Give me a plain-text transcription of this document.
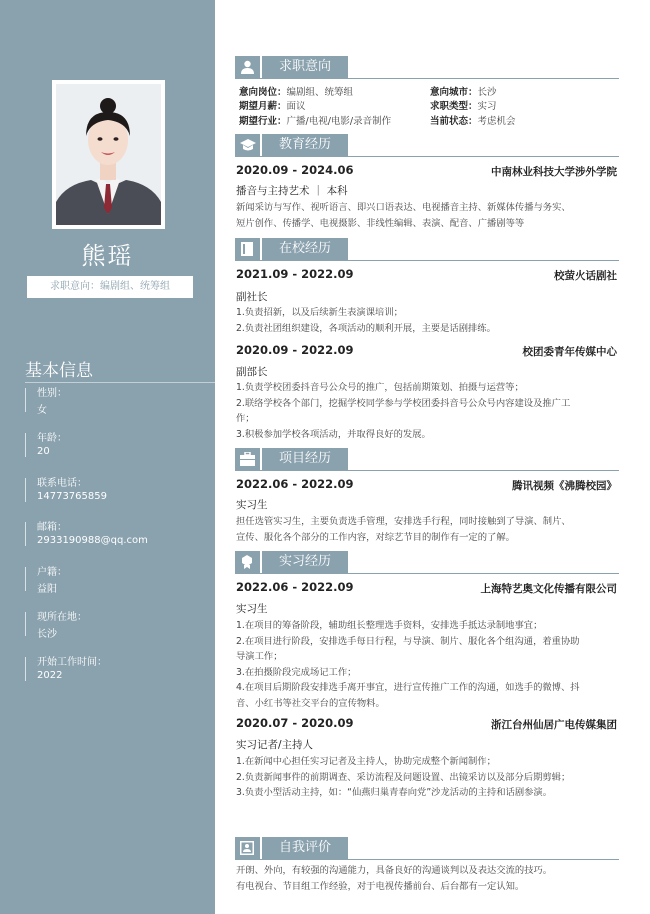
熊瑶
求职意向：编剧组、统筹组
基本信息
性别：
女
年龄：
20
联系电话：
14773765859
邮箱：
2933190988@qq.com
户籍：
益阳
现所在地：
长沙
开始工作时间：
2022
求职意向
意向岗位：编剧组、统筹组	意向城市：长沙
期望月薪：面议	求职类型：实习
期望行业：广播/电视/电影/录音制作	当前状态：考虑机会
教育经历
2020.09 - 2024.06	中南林业科技大学涉外学院
播音与主持艺术 ｜ 本科
新闻采访与写作、视听语言、即兴口语表达、电视播音主持、新媒体传播与务实、
短片创作、传播学、电视摄影、非线性编辑、表演、配音、广播剧等等
在校经历
2021.09 - 2022.09	校萤火话剧社
副社长
1.负责招新，以及后续新生表演课培训；
2.负责社团组织建设，各项活动的顺利开展，主要是话剧排练。
2020.09 - 2022.09	校团委青年传媒中心
副部长
1.负责学校团委抖音号公众号的推广，包括前期策划、拍摄与运营等；
2.联络学校各个部门，挖掘学校同学参与学校团委抖音号公众号内容建设及推广工
作；
3.积极参加学校各项活动，并取得良好的发展。
项目经历
2022.06 - 2022.09	腾讯视频《沸腾校园》
实习生
担任选管实习生，主要负责选手管理，安排选手行程，同时接触到了导演、制片、
宣传、服化各个部分的工作内容，对综艺节目的制作有一定的了解。
实习经历
2022.06 - 2022.09	上海特艺奥文化传播有限公司
实习生
1.在项目的筹备阶段，辅助组长整理选手资料，安排选手抵达录制地事宜；
2.在项目进行阶段，安排选手每日行程，与导演、制片、服化各个组沟通，着重协助
导演工作；
3.在拍摄阶段完成场记工作；
4.在项目后期阶段安排选手离开事宜，进行宣传推广工作的沟通，如选手的微博、抖
音、小红书等社交平台的宣传物料。
2020.07 - 2020.09	浙江台州仙居广电传媒集团
实习记者/主持人
1.在新闻中心担任实习记者及主持人，协助完成整个新闻制作；
2.负责新闻事件的前期调查、采访流程及问题设置、出镜采访以及部分后期剪辑；
3.负责小型活动主持，如：“仙燕归巢青春向党”沙龙活动的主持和话剧参演。
自我评价
开朗、外向，有较强的沟通能力，具备良好的沟通谈判以及表达交流的技巧。
有电视台、节目组工作经验，对于电视传播前台、后台都有一定认知。
